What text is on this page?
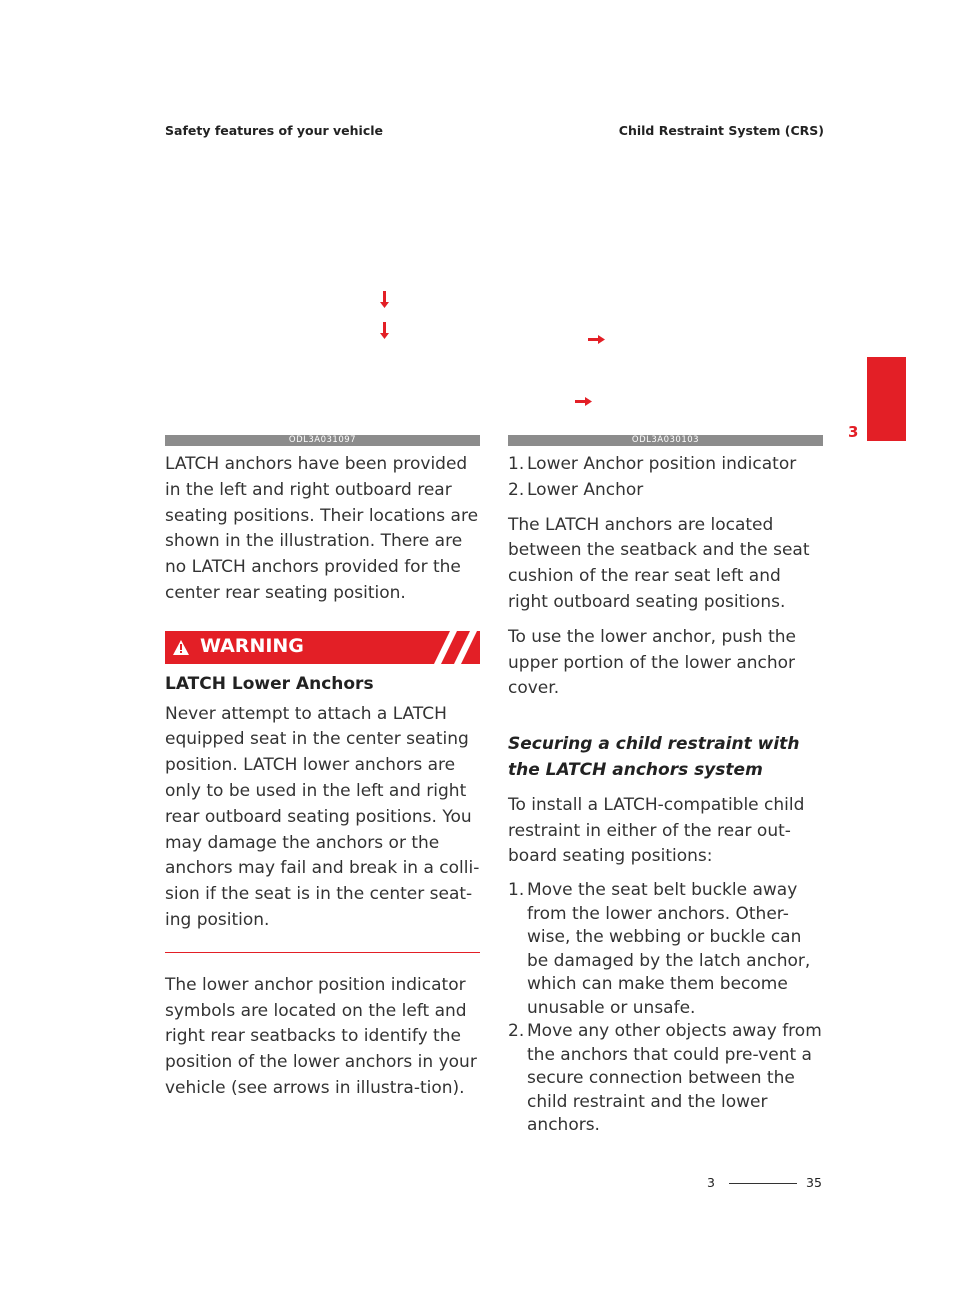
Safety features of your vehicle	Child Restraint System (CRS)
3
ODL3A031097	ODL3A030103

LATCH anchors have been provided in the left and right outboard rear seating positions. Their locations are shown in the illustration. There are no LATCH anchors provided for the center rear seating position.

WARNING
LATCH Lower Anchors

Never attempt to attach a LATCH equipped seat in the center seating position. LATCH lower anchors are only to be used in the left and right rear outboard seating positions. You may damage the anchors or the anchors may fail and break in a colli-sion if the seat is in the center seat-ing position.

The lower anchor position indicator symbols are located on the left and right rear seatbacks to identify the position of the lower anchors in your vehicle (see arrows in illustra-tion).

1. Lower Anchor position indicator
2. Lower Anchor

The LATCH anchors are located between the seatback and the seat cushion of the rear seat left and right outboard seating positions.

To use the lower anchor, push the upper portion of the lower anchor cover.

Securing a child restraint with the LATCH anchors system

To install a LATCH-compatible child restraint in either of the rear out-board seating positions:

1. Move the seat belt buckle away from the lower anchors. Other-wise, the webbing or buckle can be damaged by the latch anchor, which can make them become unusable or unsafe.
2. Move any other objects away from the anchors that could pre-vent a secure connection between the child restraint and the lower anchors.
3	35
